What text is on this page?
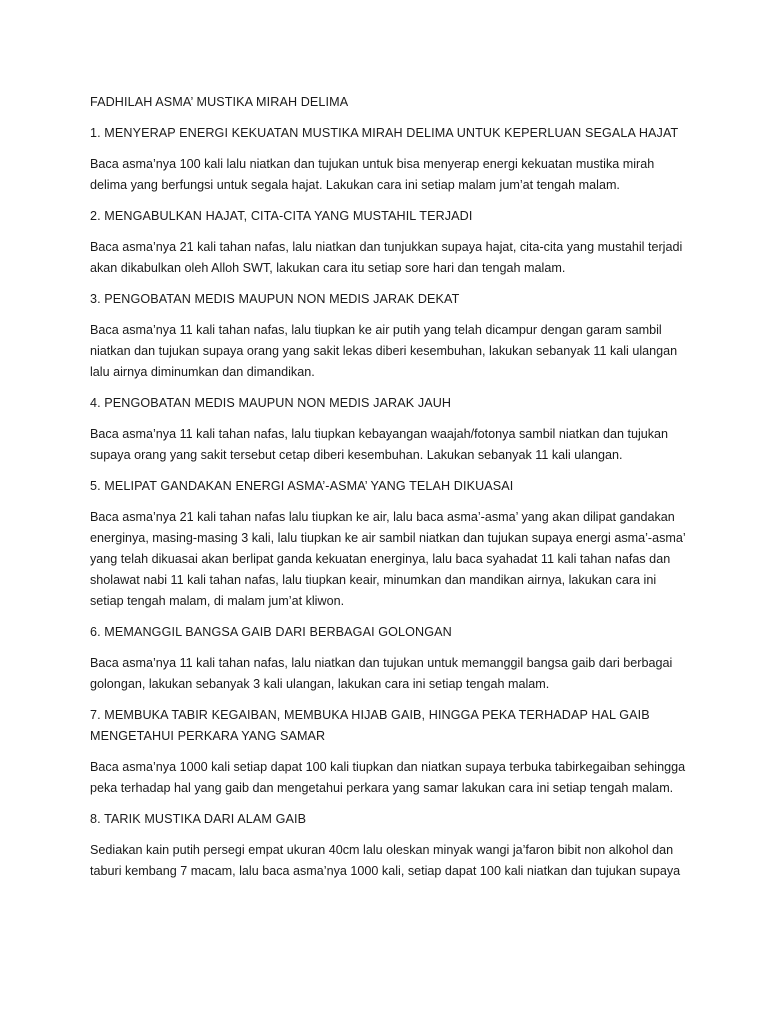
FADHILAH ASMA’ MUSTIKA MIRAH DELIMA

1. MENYERAP ENERGI KEKUATAN MUSTIKA MIRAH DELIMA UNTUK KEPERLUAN SEGALA HAJAT

Baca asma’nya 100 kali lalu niatkan dan tujukan untuk bisa menyerap energi kekuatan mustika mirah delima yang berfungsi untuk segala hajat. Lakukan cara ini setiap malam jum’at tengah malam.

2. MENGABULKAN HAJAT, CITA-CITA YANG MUSTAHIL TERJADI

Baca asma’nya 21 kali tahan nafas, lalu niatkan dan tunjukkan supaya hajat, cita-cita yang mustahil terjadi akan dikabulkan oleh Alloh SWT, lakukan cara itu setiap sore hari dan tengah malam.

3. PENGOBATAN MEDIS MAUPUN NON MEDIS JARAK DEKAT

Baca asma’nya 11 kali tahan nafas, lalu tiupkan ke air putih yang telah dicampur dengan garam sambil niatkan dan tujukan supaya orang yang sakit lekas diberi kesembuhan, lakukan sebanyak 11 kali ulangan lalu airnya diminumkan dan dimandikan.

4. PENGOBATAN MEDIS MAUPUN NON MEDIS JARAK JAUH

Baca asma’nya 11 kali tahan nafas, lalu tiupkan kebayangan waajah/fotonya sambil niatkan dan tujukan supaya orang yang sakit tersebut cetap diberi kesembuhan. Lakukan sebanyak 11 kali ulangan.

5. MELIPAT GANDAKAN ENERGI ASMA’-ASMA’ YANG TELAH DIKUASAI

Baca asma’nya 21 kali tahan nafas lalu tiupkan ke air, lalu baca asma’-asma’ yang akan dilipat gandakan energinya, masing-masing 3 kali, lalu tiupkan ke air sambil niatkan dan tujukan supaya energi asma’-asma’ yang telah dikuasai akan berlipat ganda kekuatan energinya, lalu baca syahadat 11 kali tahan nafas dan sholawat nabi 11 kali tahan nafas, lalu tiupkan keair, minumkan dan mandikan airnya, lakukan cara ini setiap tengah malam, di malam jum’at kliwon.

6. MEMANGGIL BANGSA GAIB DARI BERBAGAI GOLONGAN

Baca asma’nya 11 kali tahan nafas, lalu niatkan dan tujukan untuk memanggil bangsa gaib dari berbagai golongan, lakukan sebanyak 3 kali ulangan, lakukan cara ini setiap tengah malam.

7. MEMBUKA TABIR KEGAIBAN, MEMBUKA HIJAB GAIB, HINGGA PEKA TERHADAP HAL GAIB MENGETAHUI PERKARA YANG SAMAR

Baca asma’nya 1000 kali setiap dapat 100 kali tiupkan dan niatkan supaya terbuka tabirkegaiban sehingga peka terhadap hal yang gaib dan mengetahui perkara yang samar lakukan cara ini setiap tengah malam.

8. TARIK MUSTIKA DARI ALAM GAIB

Sediakan kain putih persegi empat ukuran 40cm lalu oleskan minyak wangi ja’faron bibit non alkohol dan taburi kembang 7 macam, lalu baca asma’nya 1000 kali, setiap dapat 100 kali niatkan dan tujukan supaya
